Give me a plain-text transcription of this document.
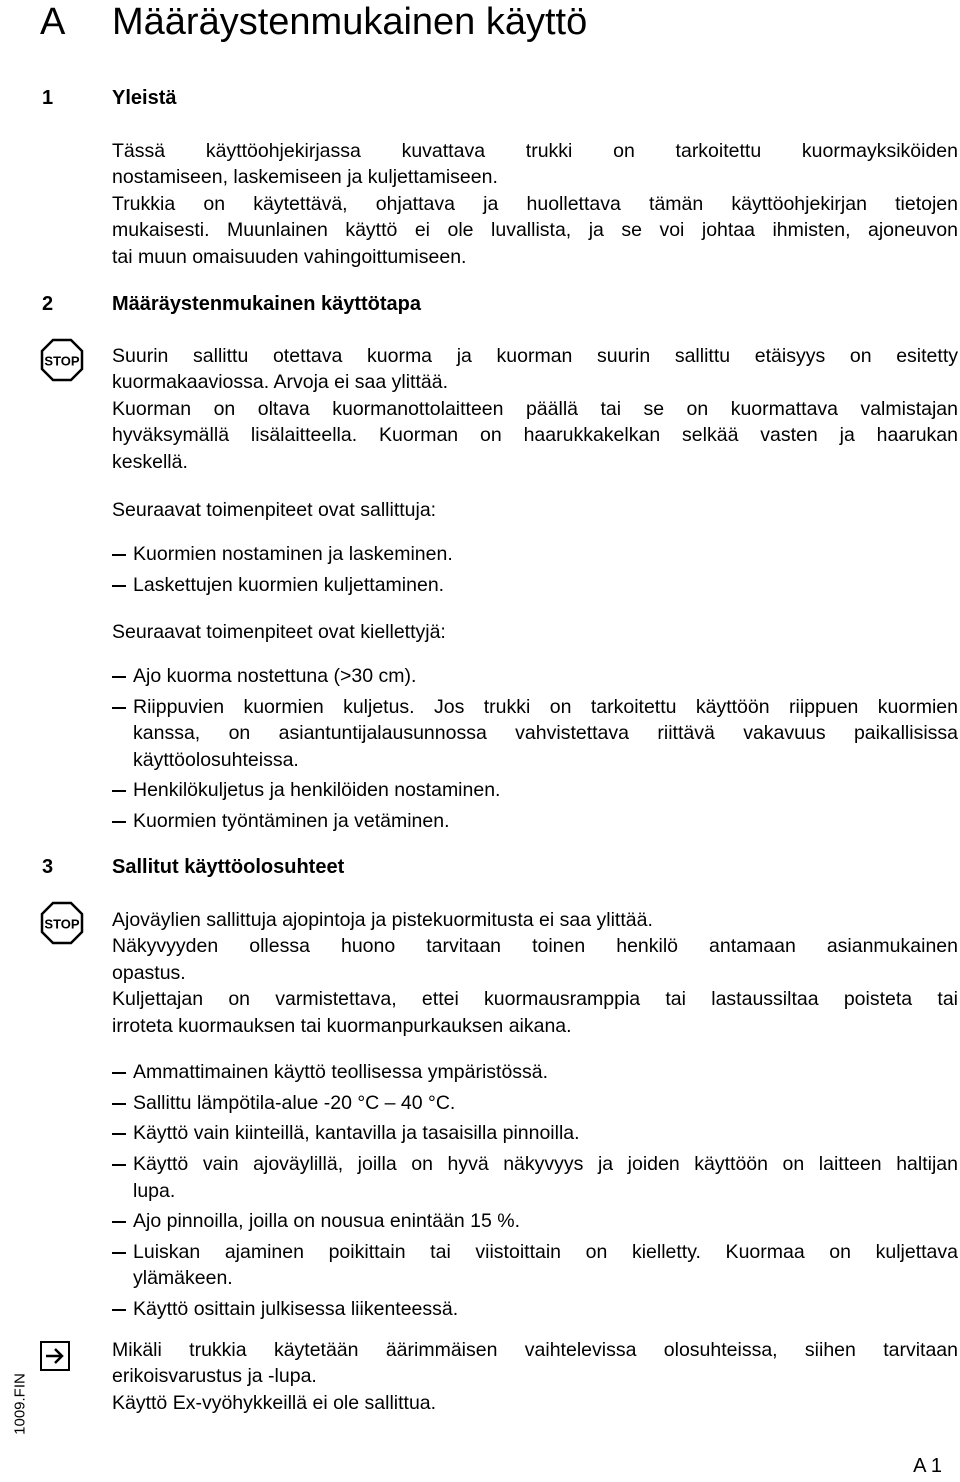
A Määräystenmukainen käyttö
1	Yleistä
Tässä käyttöohjekirjassa kuvattava trukki on tarkoitettu kuormayksiköiden
nostamiseen, laskemiseen ja kuljettamiseen.
Trukkia on käytettävä, ohjattava ja huollettava tämän käyttöohjekirjan tietojen
mukaisesti. Muunlainen käyttö ei ole luvallista, ja se voi johtaa ihmisten, ajoneuvon
tai muun omaisuuden vahingoittumiseen.
2	Määräystenmukainen käyttötapa
STOP Suurin sallittu otettava kuorma ja kuorman suurin sallittu etäisyys on esitetty
kuormakaaviossa. Arvoja ei saa ylittää.
Kuorman on oltava kuormanottolaitteen päällä tai se on kuormattava valmistajan
hyväksymällä lisälaitteella. Kuorman on haarukkakelkan selkää vasten ja haarukan
keskellä.
Seuraavat toimenpiteet ovat sallittuja:
Kuormien nostaminen ja laskeminen.
Laskettujen kuormien kuljettaminen.
Seuraavat toimenpiteet ovat kiellettyjä:
Ajo kuorma nostettuna (>30 cm).
Riippuvien kuormien kuljetus. Jos trukki on tarkoitettu käyttöön riippuen kuormien
kanssa, on asiantuntijalausunnossa vahvistettava riittävä vakavuus paikallisissa
käyttöolosuhteissa.
Henkilökuljetus ja henkilöiden nostaminen.
Kuormien työntäminen ja vetäminen.
3	Sallitut käyttöolosuhteet
STOP Ajoväylien sallittuja ajopintoja ja pistekuormitusta ei saa ylittää.
Näkyvyyden ollessa huono tarvitaan toinen henkilö antamaan asianmukainen
opastus.
Kuljettajan on varmistettava, ettei kuormausramppia tai lastaussiltaa poisteta tai
irroteta kuormauksen tai kuormanpurkauksen aikana.
Ammattimainen käyttö teollisessa ympäristössä.
Sallittu lämpötila-alue -20 °C – 40 °C.
Käyttö vain kiinteillä, kantavilla ja tasaisilla pinnoilla.
Käyttö vain ajoväylillä, joilla on hyvä näkyvyys ja joiden käyttöön on laitteen haltijan
lupa.
Ajo pinnoilla, joilla on nousua enintään 15 %.
Luiskan ajaminen poikittain tai viistoittain on kielletty. Kuormaa on kuljettava
ylämäkeen.
Käyttö osittain julkisessa liikenteessä.
Mikäli trukkia käytetään äärimmäisen vaihtelevissa olosuhteissa, siihen tarvitaan
erikoisvarustus ja -lupa.
Käyttö Ex-vyöhykkeillä ei ole sallittua.
1009.FIN
A 1
